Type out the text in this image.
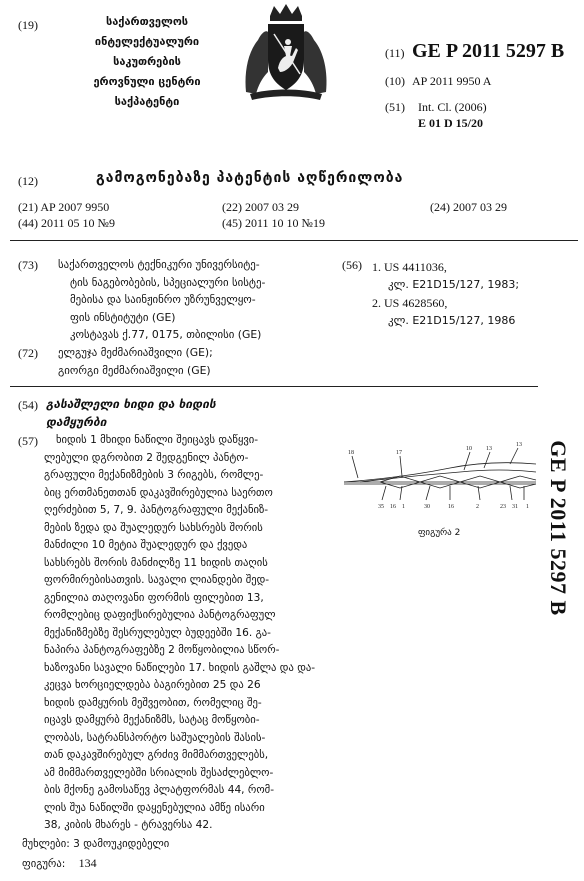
(19)	საქართველოს
ინტელექტუალური
საკუთრების
ეროვნული ცენტრი
საქპატენტი
(11) GE P 2011 5297 B
(10) AP 2011 9950 A
(51) Int. Cl. (2006)
E 01 D 15/20
(12)	გამოგონებაზე პატენტის აღწერილობა
(21) AP 2007 9950	(22) 2007 03 29	(24) 2007 03 29
(44) 2011 05 10 №9	(45) 2011 10 10 №19
(73) საქართველოს ტექნიკური უნივერსიტე-
ტის ნაგებობების, სპეციალური სისტე-
მებისა და საინჟინრო უზრუნველყო-
ფის ინსტიტუტი (GE)
კოსტავას ქ.77, 0175, თბილისი (GE)
(72) ელგუჯა მეძმარიაშვილი (GE);
გიორგი მეძმარიაშვილი (GE)
(56) 1. US 4411036,
კლ. E21D15/127, 1983;
2. US 4628560,
კლ. E21D15/127, 1986
(54) გასაშლელი ხიდი და ხიდის
დამყურბი
(57) ხიდის 1 მხიდი ნაწილი შეიცავს დაწყვი-
ლებული დგრობით 2 შედგენილ პანტო-
გრაფული მექანიზმების 3 რიგებს, რომლე-
ბიც ერთმანეთთან დაკავშირებულია საერთო
ღერძებით 5, 7, 9. პანტოგრაფული მექანიზ-
მების ზედა და შუალედურ სახსრებს შორის
მანძილი 10 მეტია შუალედურ და ქვედა
სახსრებს შორის მანძილზე 11 ხიდის თაღის
ფორმირებისათვის. სავალი ლიანდები შედ-
გენილია თაღოვანი ფორმის ფილებით 13,
რომლებიც დაფიქსირებულია პანტოგრაფულ
მექანიზმებზე შესრულებულ ბუდეებში 16. გა-
ნაპირა პანტოგრაფებზე 2 მოწყობილია სწორ-
ხაზოვანი სავალი ნაწილები 17. ხიდის გაშლა და და-
კეცვა ხორციელდება ბაგირებით 25 და 26
ხიდის დამყურის მეშვეობით, რომელიც შე-
იცავს დამყურბ მექანიზმს, სატაც მოწყობი-
ლობას, სატრანსპორტო საშუალების შასის-
თან დაკავშირებულ გრძივ მიმმართველებს,
ამ მიმმართველებში სრიალის შესაძლებლო-
ბის მქონე გამოსაწევ პლატფორმას 44, რომ-
ლის შუა ნაწილში დაყენებულია ამწე ისარი
38, კიბის მხარეს - ტრავერსა 42.
მუხლები: 3 დამოუკიდებელი
ფიგურა: 134
18	17
10 13
13
35 16 1	30	16	2	23 31 1
ფიგურა 2	GE P 2011 5297 B
